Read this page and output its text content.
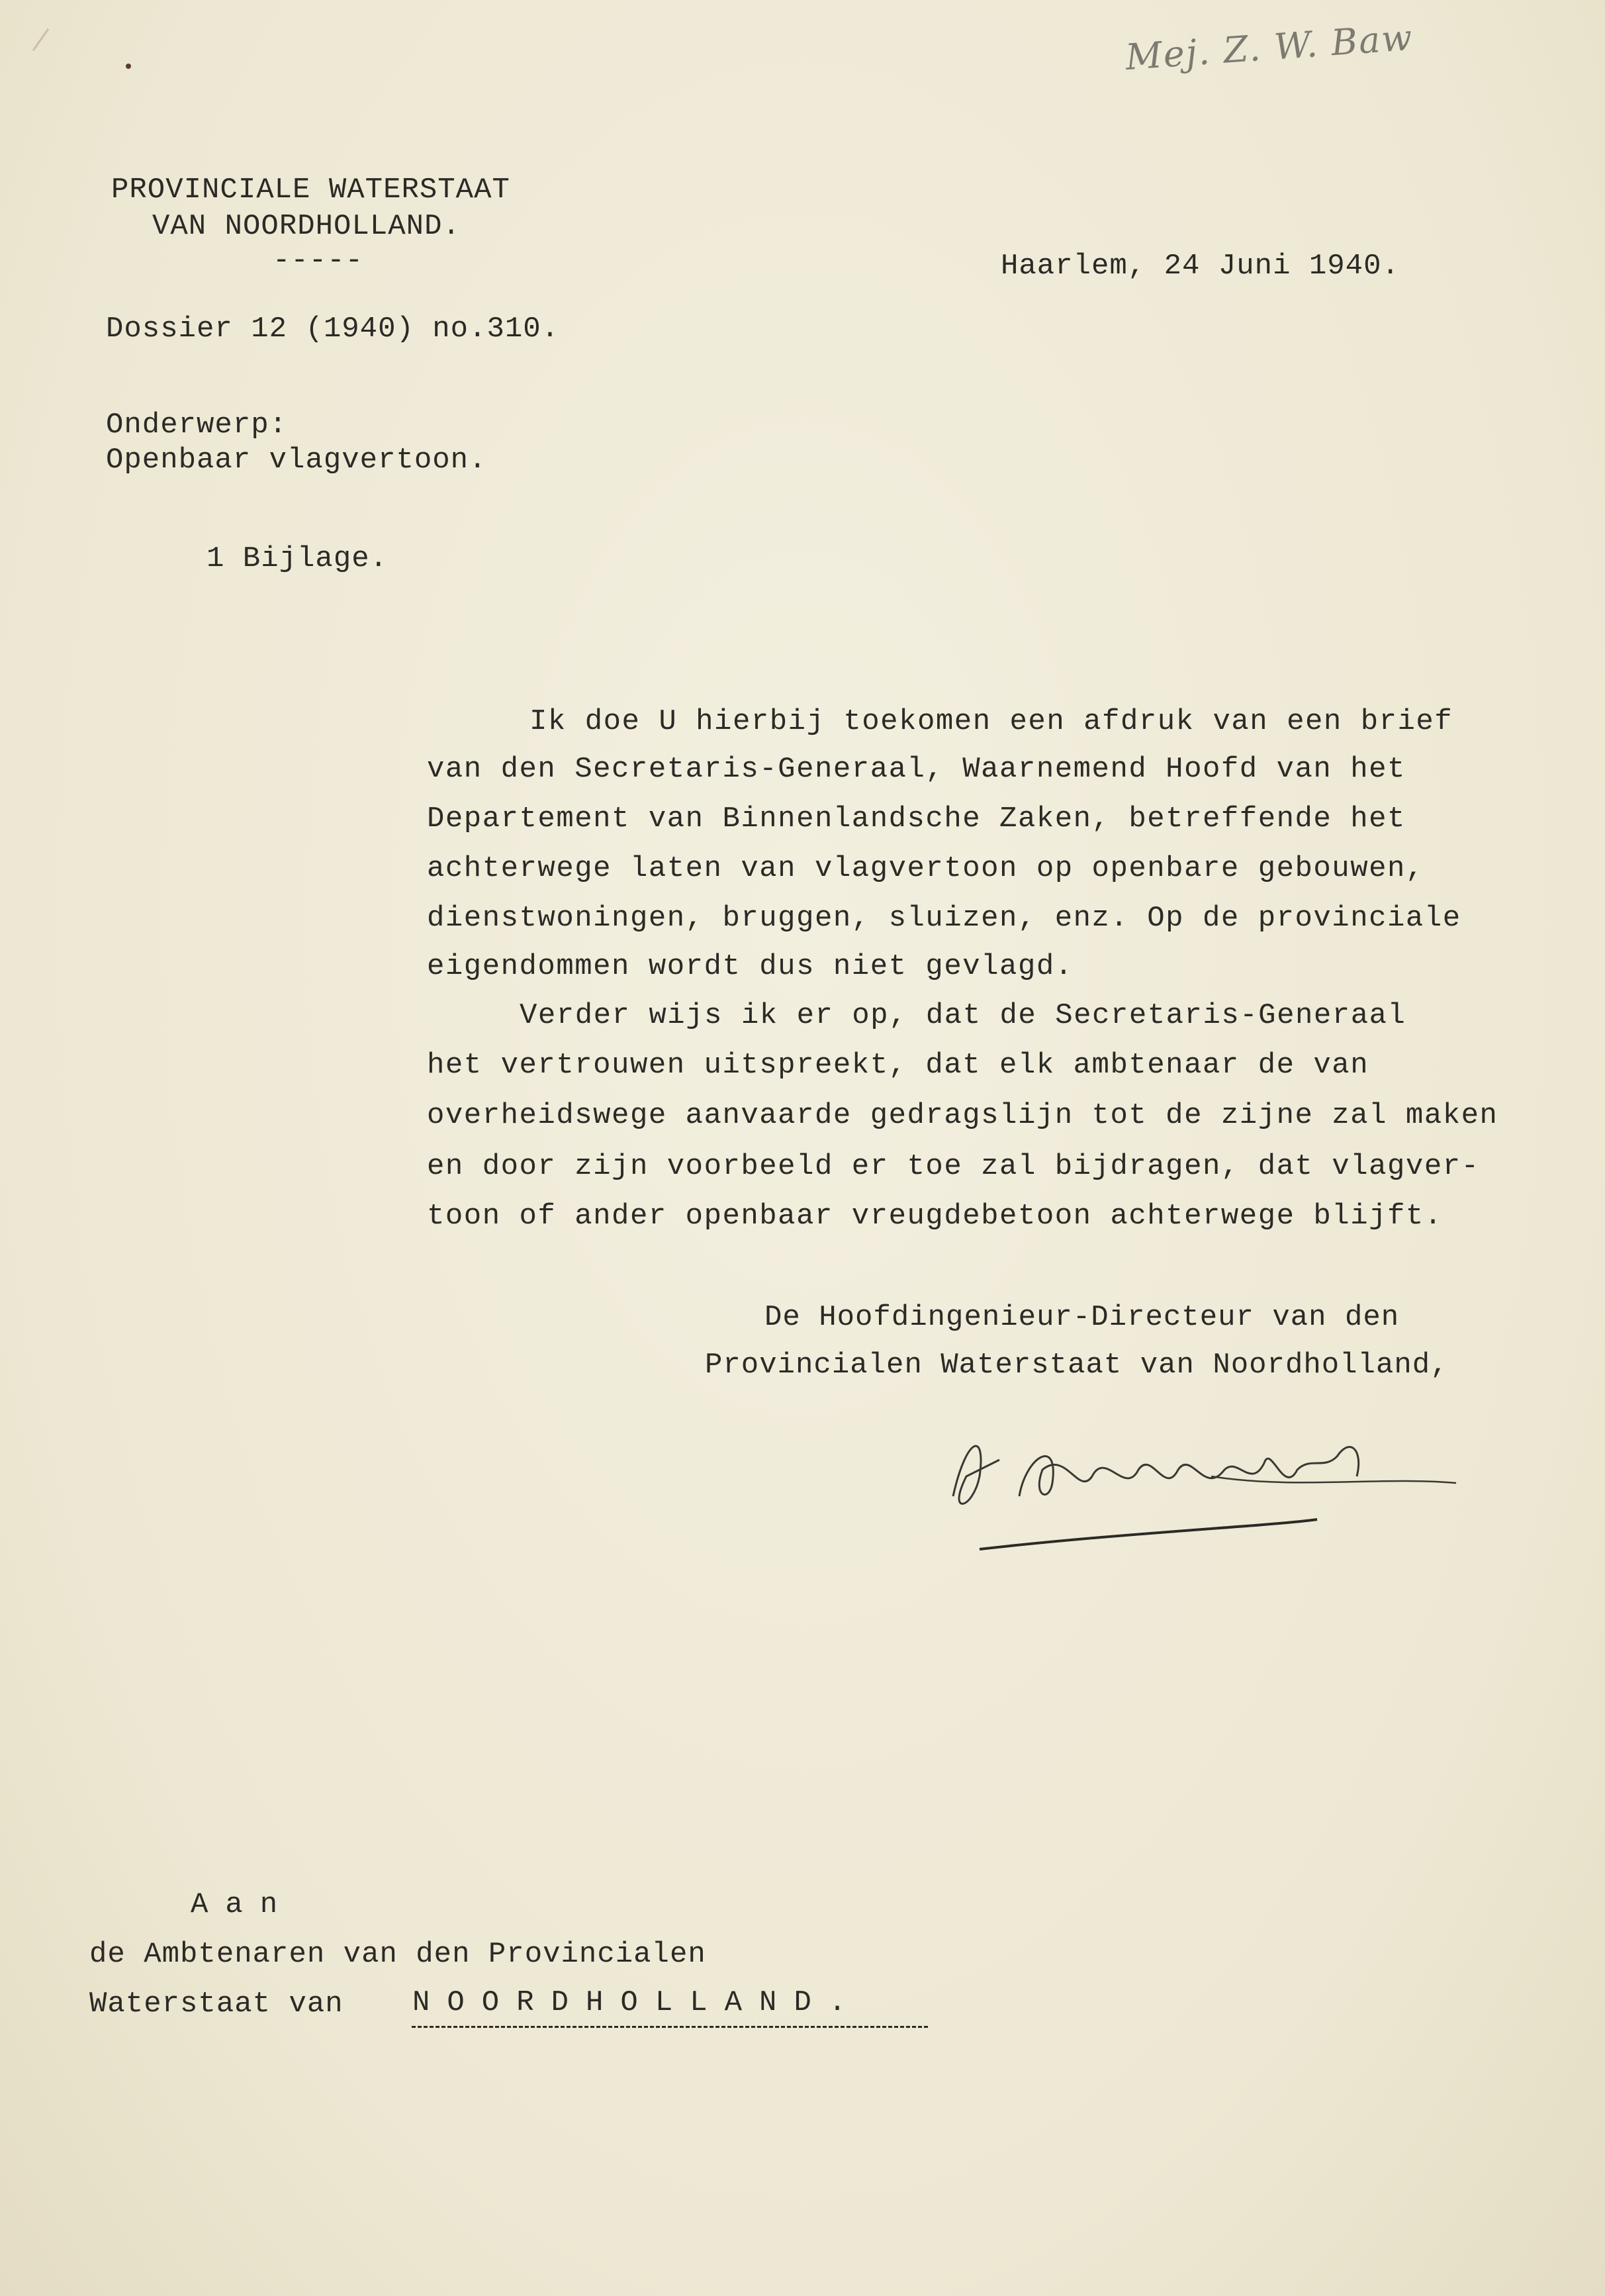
Mej. Z. W. Baw
PROVINCIALE WATERSTAAT
VAN NOORDHOLLAND.
-----	Haarlem, 24 Juni 1940.
Dossier 12 (1940) no.310.
Onderwerp:
Openbaar vlagvertoon.
1 Bijlage.
Ik doe U hierbij toekomen een afdruk van een brief
van den Secretaris-Generaal, Waarnemend Hoofd van het
Departement van Binnenlandsche Zaken, betreffende het
achterwege laten van vlagvertoon op openbare gebouwen,
dienstwoningen, bruggen, sluizen, enz. Op de provinciale
eigendommen wordt dus niet gevlagd.
Verder wijs ik er op, dat de Secretaris-Generaal
het vertrouwen uitspreekt, dat elk ambtenaar de van
overheidswege aanvaarde gedragslijn tot de zijne zal maken
en door zijn voorbeeld er toe zal bijdragen, dat vlagver-
toon of ander openbaar vreugdebetoon achterwege blijft.
De Hoofdingenieur-Directeur van den
Provincialen Waterstaat van Noordholland,
Aan
de Ambtenaren van den Provincialen
Waterstaat van NOORDHOLLAND.
